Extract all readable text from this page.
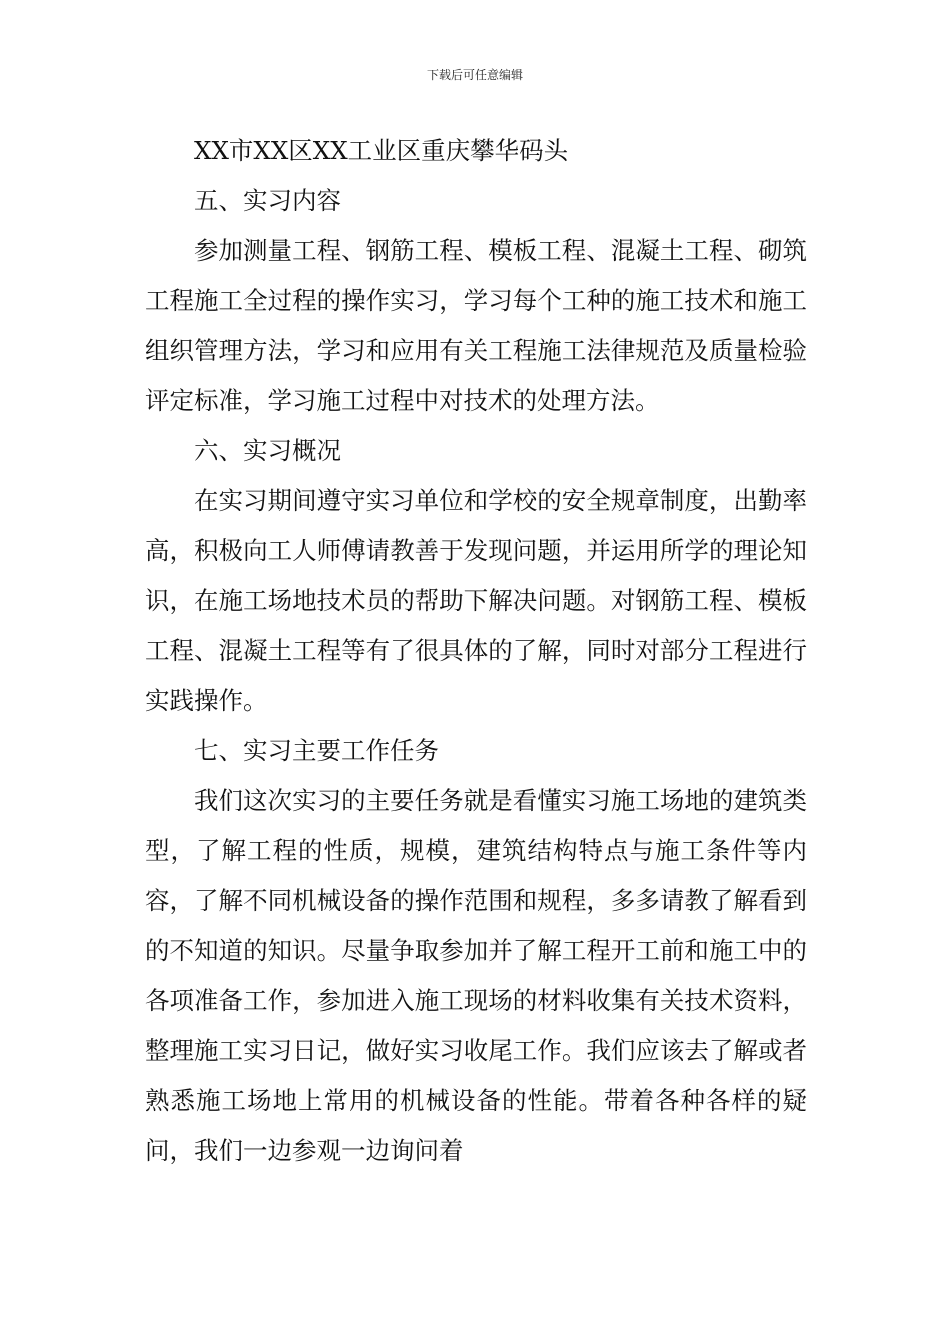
下载后可任意编辑

XX市XX区XX工业区重庆攀华码头

五、实习内容

参加测量工程、钢筋工程、模板工程、混凝土工程、砌筑工程施工全过程的操作实习，学习每个工种的施工技术和施工组织管理方法，学习和应用有关工程施工法律规范及质量检验评定标准，学习施工过程中对技术的处理方法。

六、实习概况

在实习期间遵守实习单位和学校的安全规章制度，出勤率高，积极向工人师傅请教善于发现问题，并运用所学的理论知识，在施工场地技术员的帮助下解决问题。对钢筋工程、模板工程、混凝土工程等有了很具体的了解，同时对部分工程进行实践操作。

七、实习主要工作任务

我们这次实习的主要任务就是看懂实习施工场地的建筑类型，了解工程的性质，规模，建筑结构特点与施工条件等内容，了解不同机械设备的操作范围和规程，多多请教了解看到的不知道的知识。尽量争取参加并了解工程开工前和施工中的各项准备工作，参加进入施工现场的材料收集有关技术资料，整理施工实习日记，做好实习收尾工作。我们应该去了解或者熟悉施工场地上常用的机械设备的性能。带着各种各样的疑问，我们一边参观一边询问着
